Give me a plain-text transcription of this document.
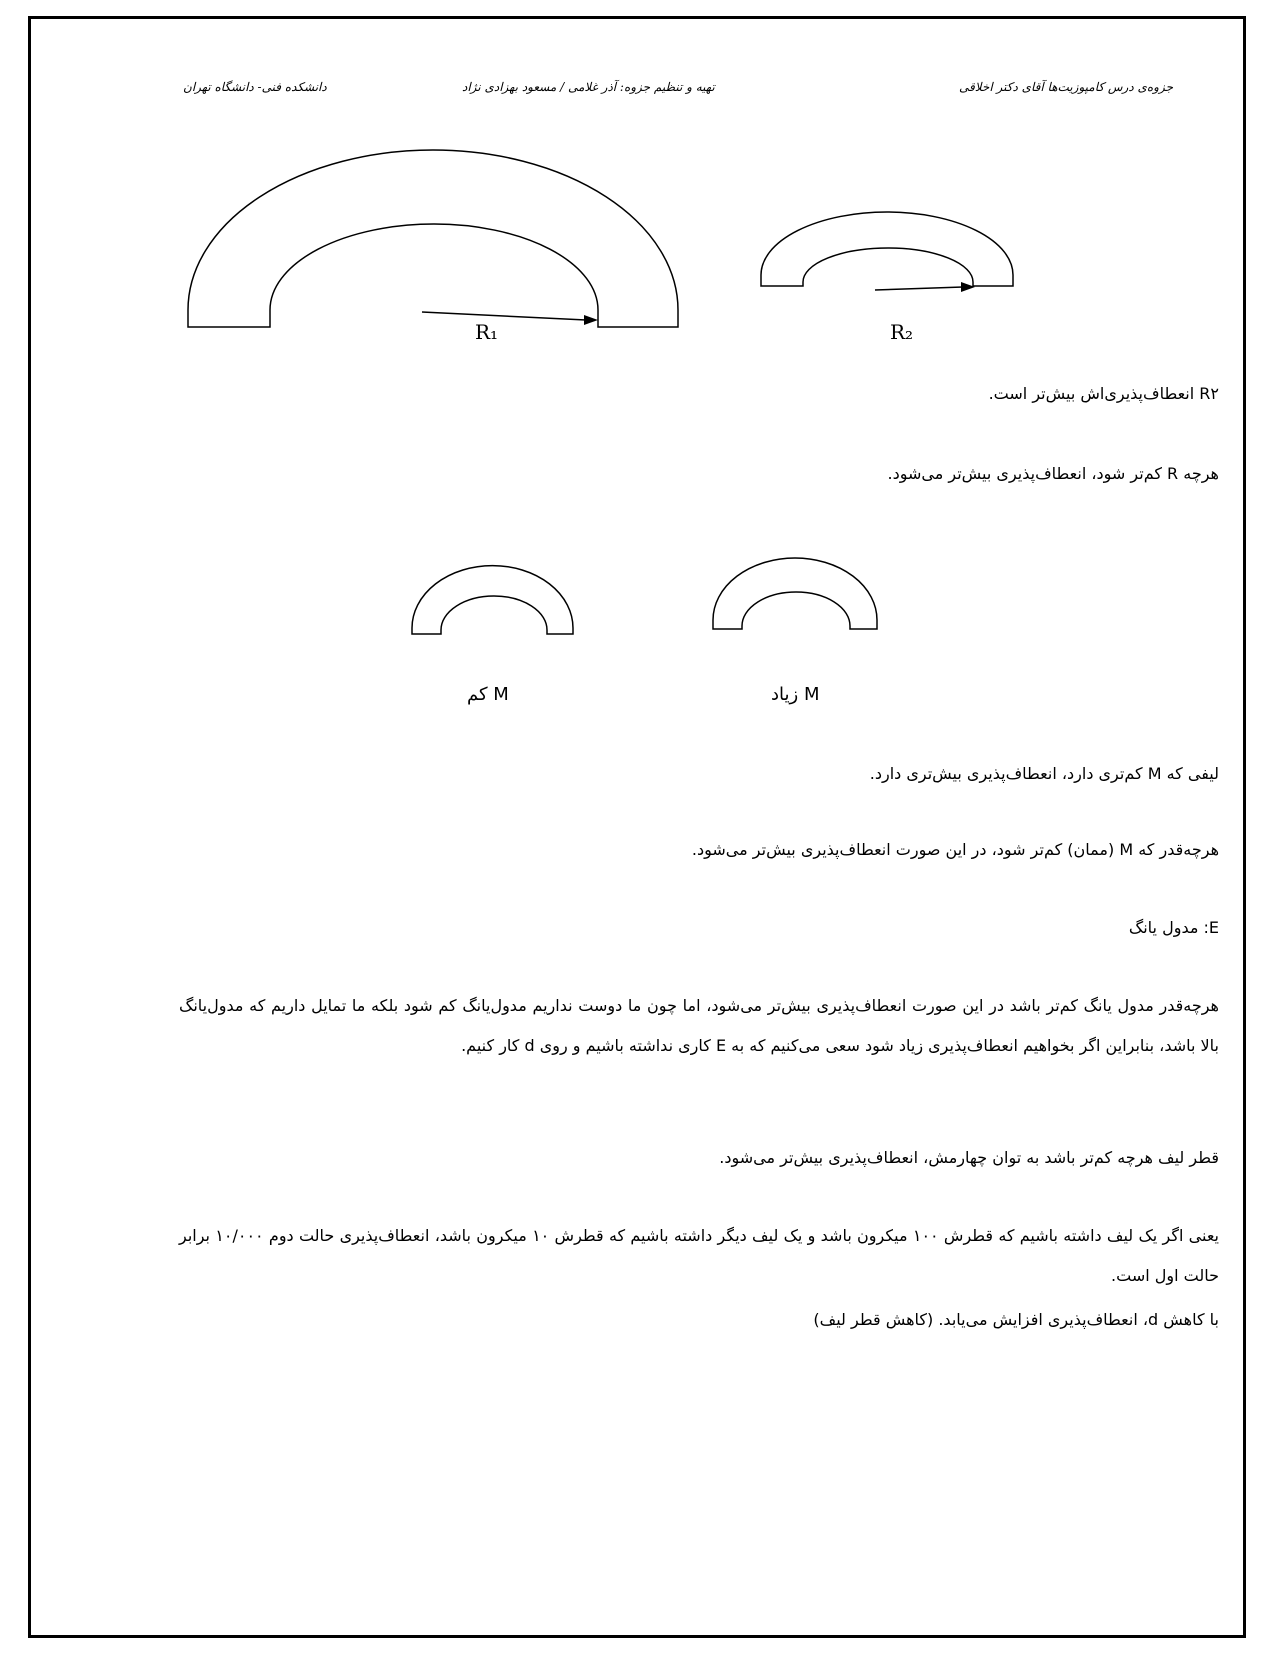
دانشکده فنی- دانشگاه تهران	تهیه و تنظیم جزوه: آذر غلامی / مسعود بهزادی نژاد	جزوه‌ی درس کامپوزیت‌ها آقای دکتر اخلاقی
R₁	R₂
R۲ انعطاف‌پذیری‌اش بیش‌تر است.
هرچه R کم‌تر شود، انعطاف‌پذیری بیش‌تر می‌شود.
M کم	M زیاد
لیفی که M کم‌تری دارد، انعطاف‌پذیری بیش‌تری دارد.
هرچه‌قدر که M (ممان) کم‌تر شود، در این صورت انعطاف‌پذیری بیش‌تر می‌شود.
E: مدول یانگ
هرچه‌قدر مدول یانگ کم‌تر باشد در این صورت انعطاف‌پذیری بیش‌تر می‌شود، اما چون ما دوست نداریم مدول‌یانگ کم شود بلکه ما تمایل داریم که مدول‌یانگ بالا باشد، بنابراین اگر بخواهیم انعطاف‌پذیری زیاد شود سعی می‌کنیم که به E کاری نداشته باشیم و روی d کار کنیم.
قطر لیف هرچه کم‌تر باشد به توان چهارمش، انعطاف‌پذیری بیش‌تر می‌شود.
یعنی اگر یک لیف داشته باشیم که قطرش ۱۰۰ میکرون باشد و یک لیف دیگر داشته باشیم که قطرش ۱۰ میکرون باشد، انعطاف‌پذیری حالت دوم ۱۰/۰۰۰ برابر حالت اول است.
با کاهش d، انعطاف‌پذیری افزایش می‌یابد. (کاهش قطر لیف)
